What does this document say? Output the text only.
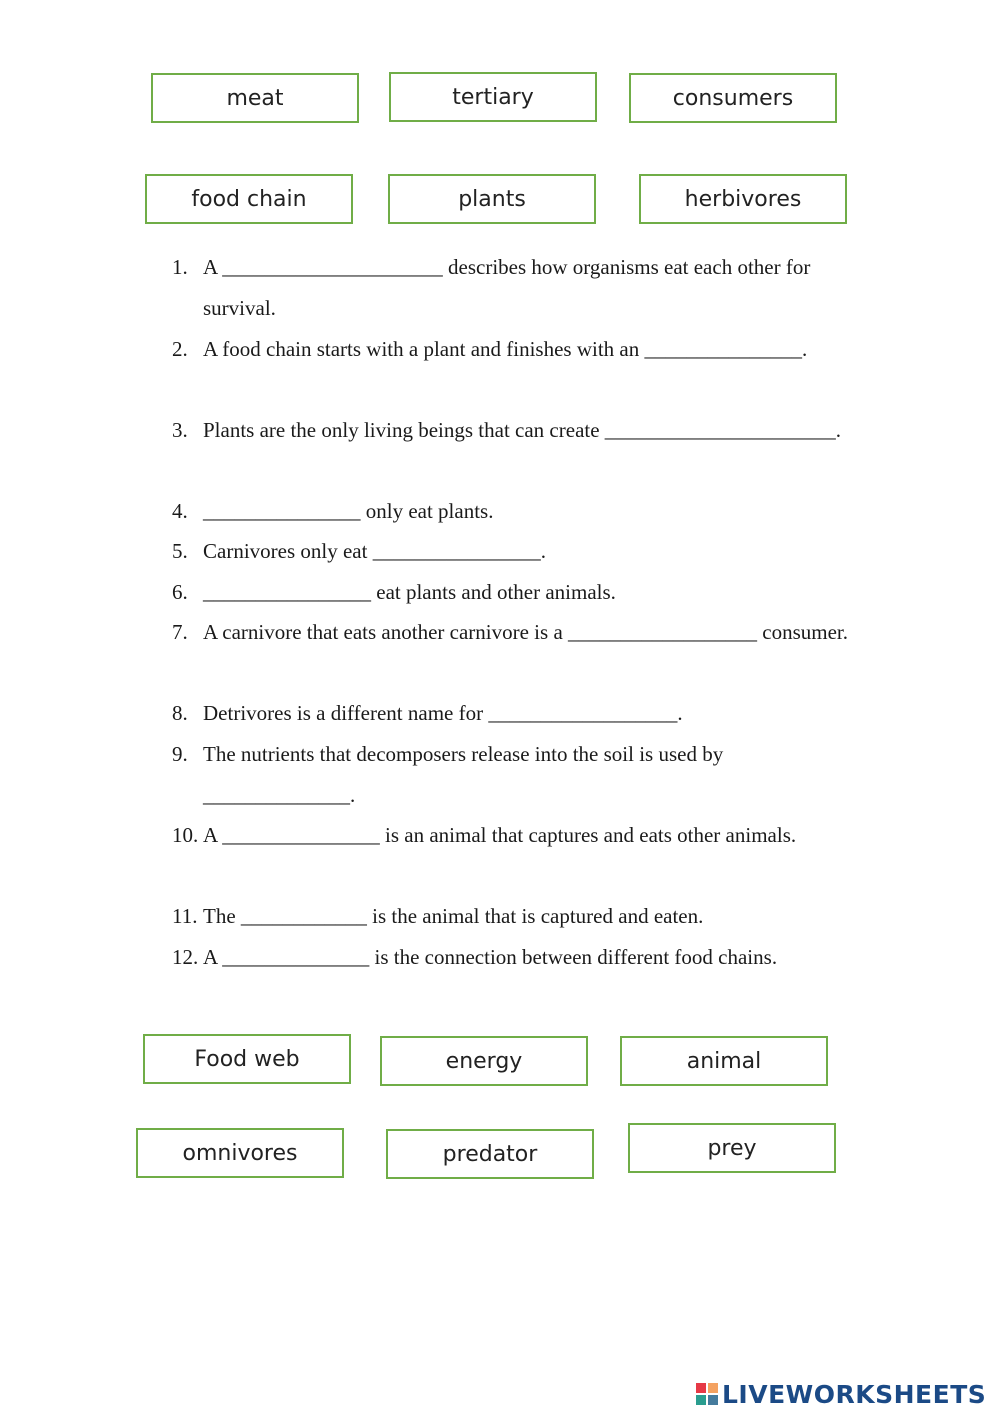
meat	tertiary	consumers
food chain	plants	herbivores
1. A _____________________ describes how organisms eat each other for survival.
2. A food chain starts with a plant and finishes with an _______________.
3. Plants are the only living beings that can create ______________________.
4. _______________ only eat plants.
5. Carnivores only eat ________________.
6. ________________ eat plants and other animals.
7. A carnivore that eats another carnivore is a __________________ consumer.
8. Detrivores is a different name for __________________.
9. The nutrients that decomposers release into the soil is used by ______________.
10. A _______________ is an animal that captures and eats other animals.
11. The ____________ is the animal that is captured and eaten.
12. A ______________ is the connection between different food chains.
Food web	energy	animal
omnivores	predator	prey
LIVEWORKSHEETS
